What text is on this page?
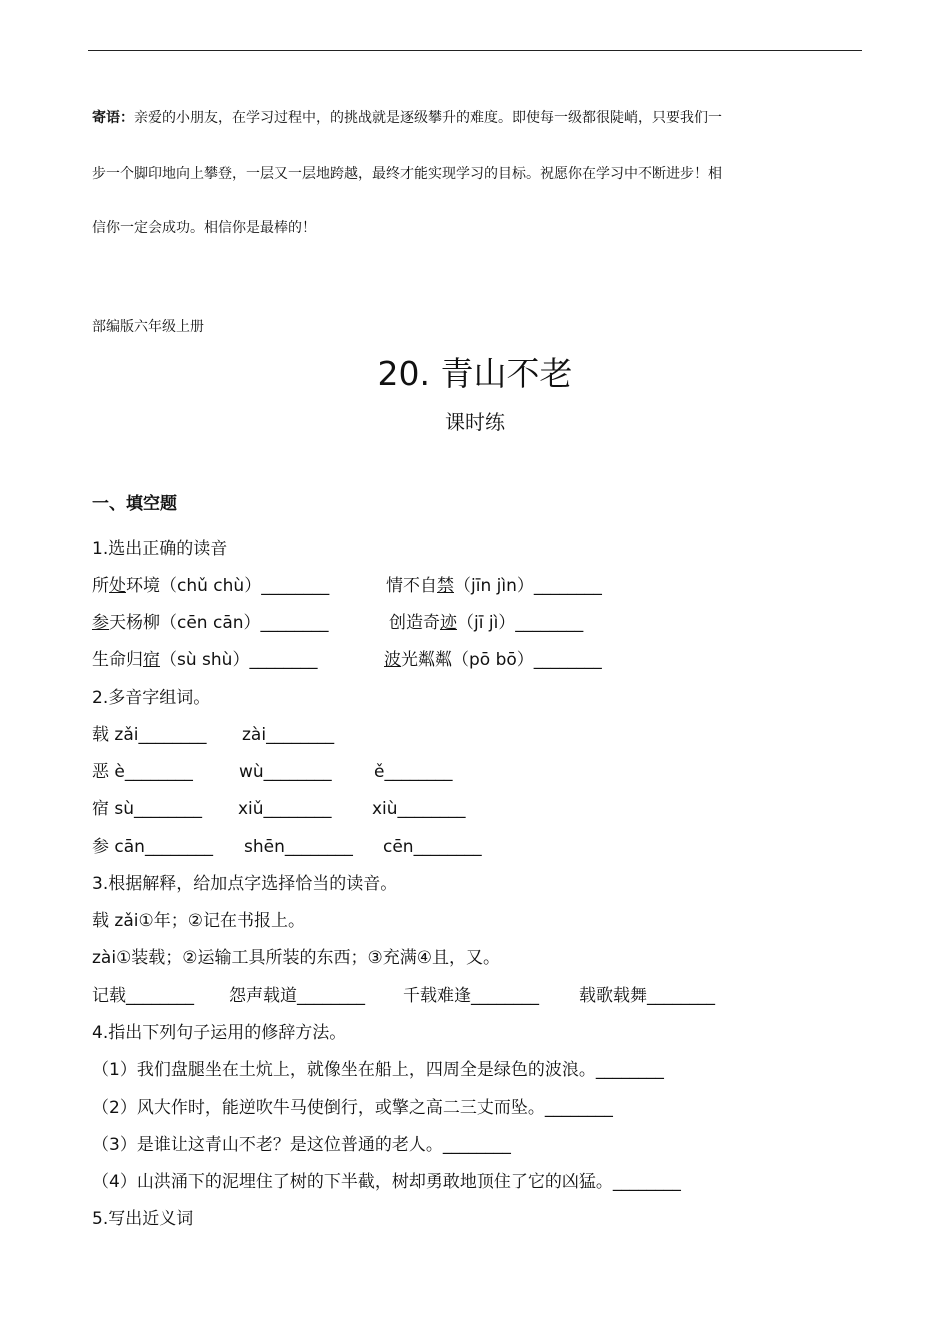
寄语：亲爱的小朋友，在学习过程中，的挑战就是逐级攀升的难度。即使每一级都很陡峭，只要我们一
步一个脚印地向上攀登，一层又一层地跨越，最终才能实现学习的目标。祝愿你在学习中不断进步！相
信你一定会成功。相信你是最棒的！
部编版六年级上册
20. 青山不老
课时练
一、填空题
1.选出正确的读音
所处环境（chǔ chù）________	情不自禁（jīn jìn）________
参天杨柳（cēn cān）________	创造奇迹（jī jì）________
生命归宿（sù shù）________	波光粼粼（pō bō）________
2.多音字组词。
载 zǎi________ zài________
恶 è________	wù________ ě________
宿 sù________ xiǔ________ xiù________
参 cān________ shēn________ cēn________
3.根据解释，给加点字选择恰当的读音。
载 zǎi①年；②记在书报上。
zài①装载；②运输工具所装的东西；③充满④且，又。
记载________ 怨声载道________ 千载难逢________ 载歌载舞________
4.指出下列句子运用的修辞方法。
（1）我们盘腿坐在土炕上，就像坐在船上，四周全是绿色的波浪。________
（2）风大作时，能逆吹牛马使倒行，或擎之高二三丈而坠。________
（3）是谁让这青山不老？是这位普通的老人。________
（4）山洪涌下的泥埋住了树的下半截，树却勇敢地顶住了它的凶猛。________
5.写出近义词
